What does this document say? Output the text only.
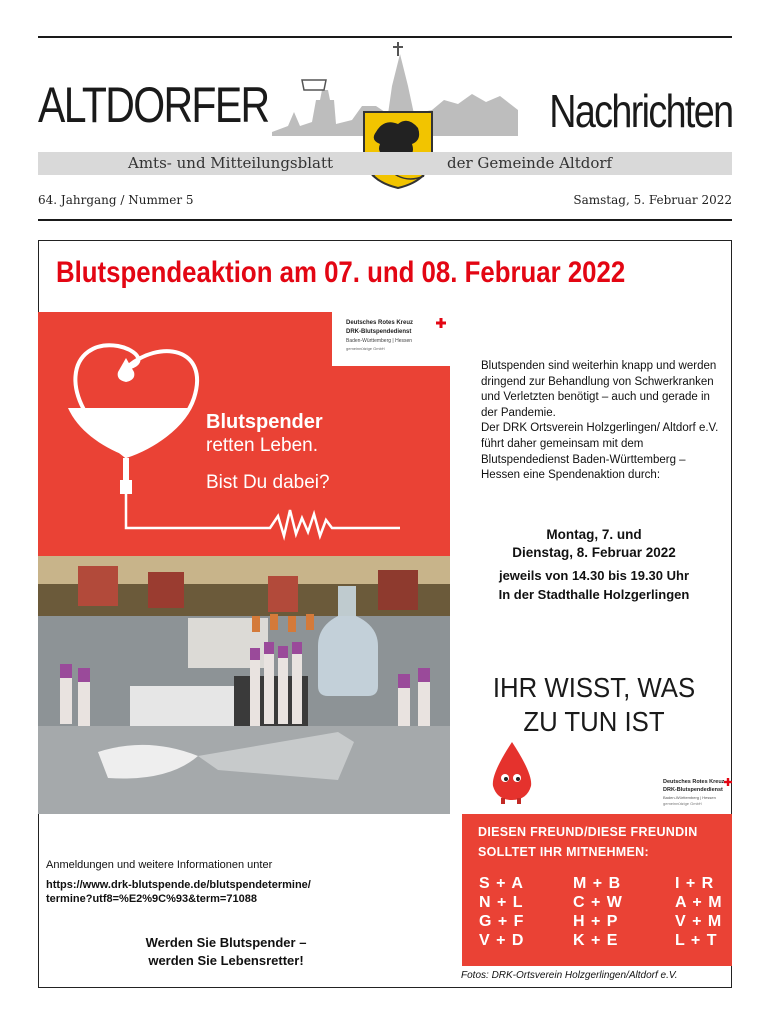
ALTDORFER	Nachrichten
Amts- und Mitteilungsblatt	der Gemeinde Altdorf
64. Jahrgang / Nummer 5	Samstag, 5. Februar 2022
Blutspendeaktion am 07. und 08. Februar 2022
Deutsches Rotes Kreuz
DRK-Blutspendedienst
Baden-Württemberg | Hessen
gemeinnützige GmbH
Blutspender
retten Leben.
Bist Du dabei?

Blutspenden sind weiterhin knapp und werden dringend zur Behandlung von Schwerkranken und Verletzten benötigt – auch und gerade in der Pandemie.

Der DRK Ortsverein Holzgerlingen/ Altdorf e.V. führt daher gemeinsam mit dem Blutspendedienst Baden-Württemberg – Hessen eine Spendenaktion durch:

Montag, 7. und
Dienstag, 8. Februar 2022
jeweils von 14.30 bis 19.30 Uhr
In der Stadthalle Holzgerlingen
IHR WISST, WAS
ZU TUN IST
Deutsches Rotes Kreuz
DRK-Blutspendedienst
Baden-Württemberg | Hessen
gemeinnützige GmbH
DIESEN FREUND/DIESE FREUNDIN
SOLLTET IHR MITNEHMEN:
S + A	M + B	I + R
N + L	C + W	A + M
G + F	H + P	V + M
V + D	K + E	L + T
Anmeldungen und weitere Informationen unter
https://www.drk-blutspende.de/blutspendetermine/
termine?utf8=%E2%9C%93&term=71088
Werden Sie Blutspender –
werden Sie Lebensretter!
Fotos: DRK-Ortsverein Holzgerlingen/Altdorf e.V.
